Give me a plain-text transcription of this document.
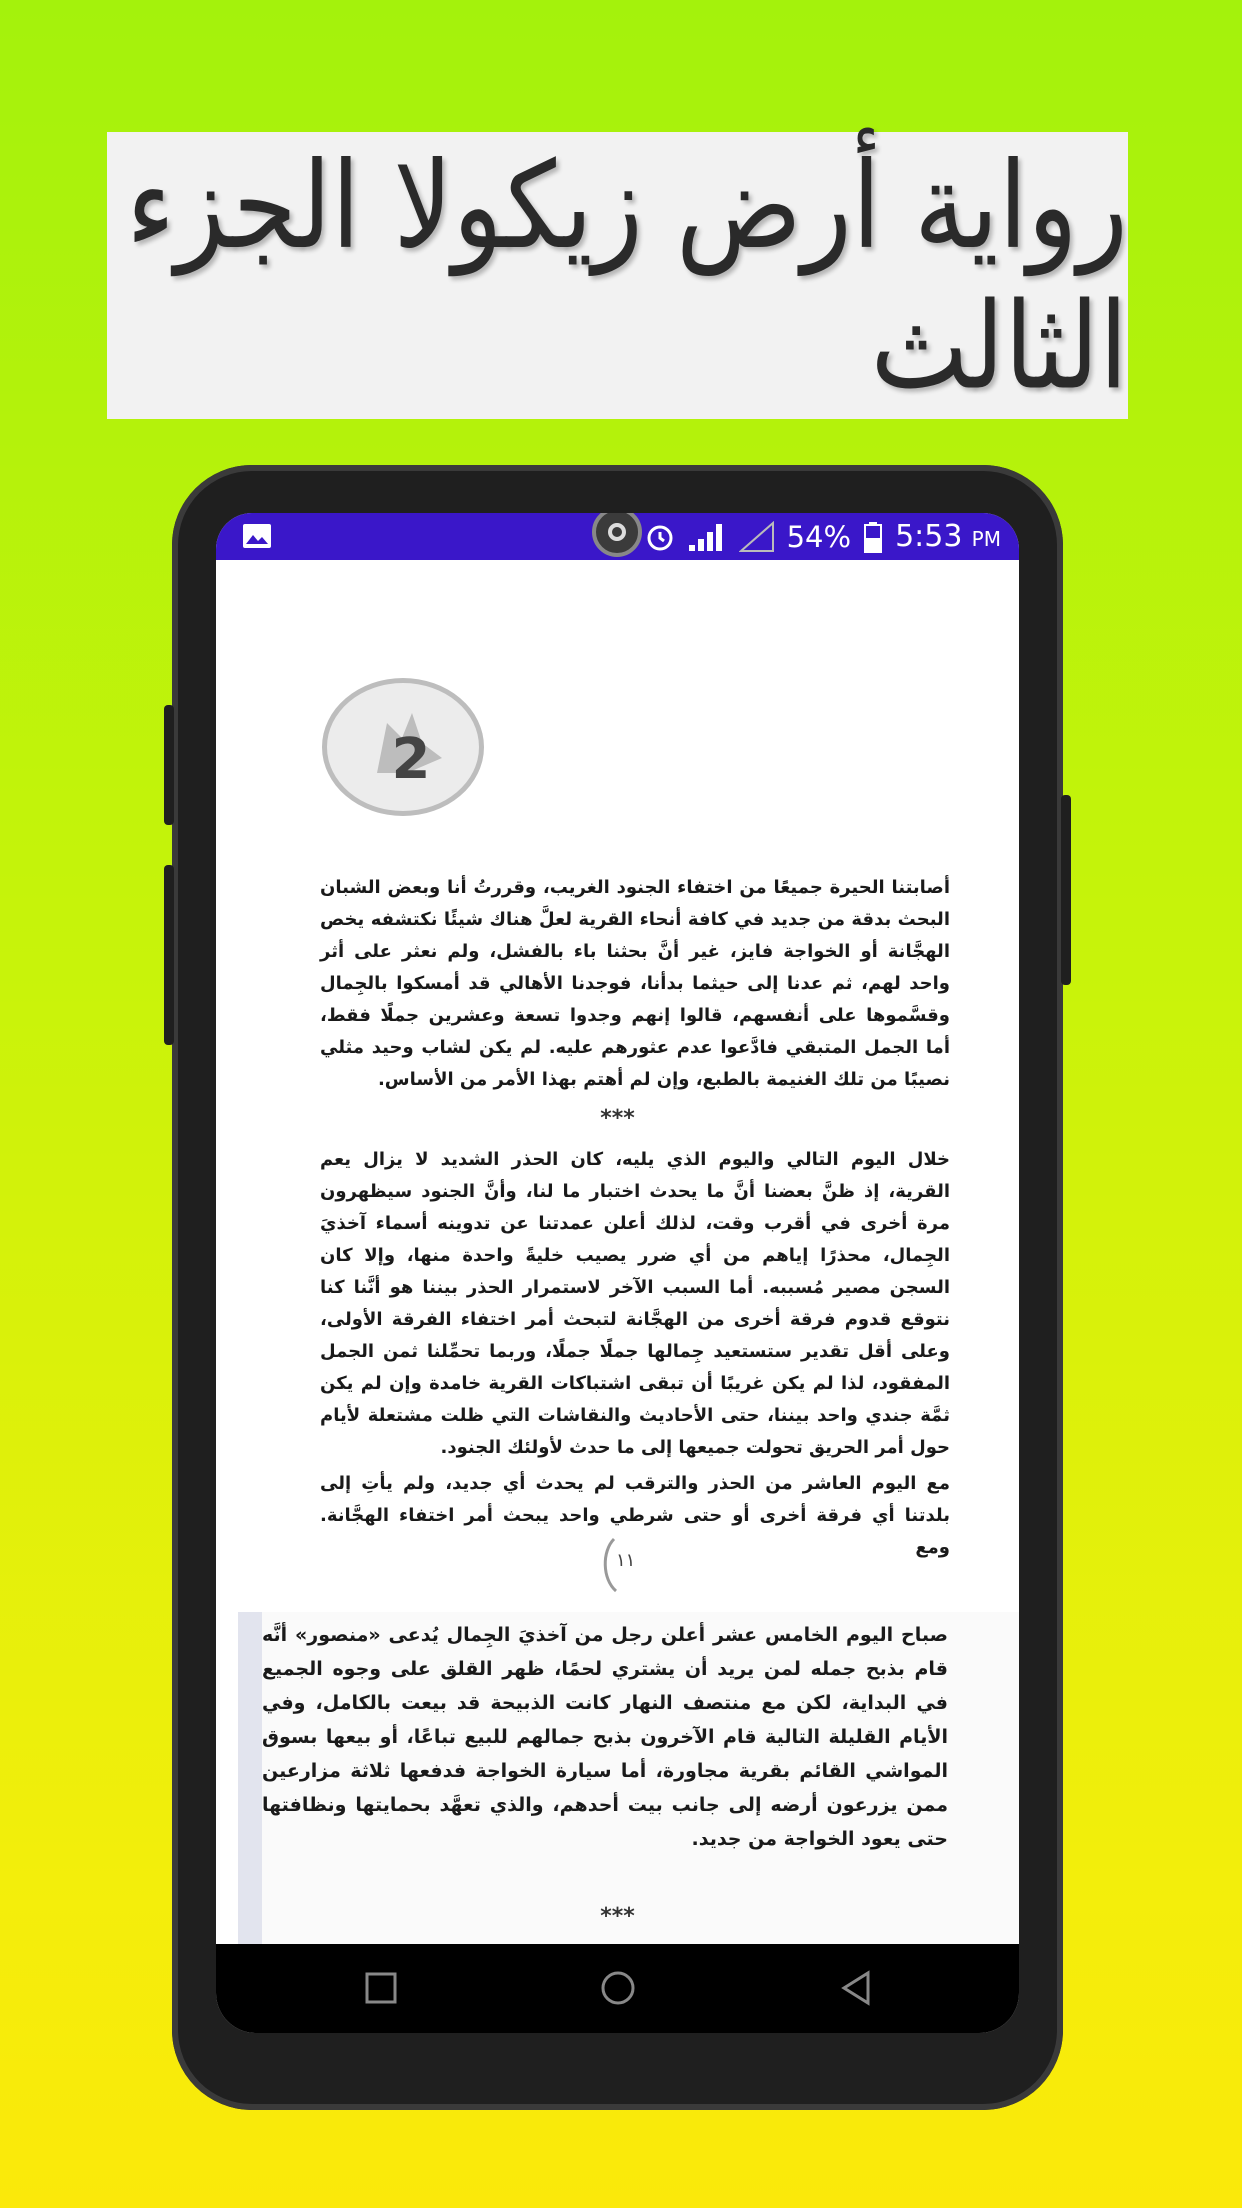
رواية أرض زيكولا الجزء الثالث
54% 5:53 PM
2
أصابتنا الحيرة جميعًا من اختفاء الجنود الغريب، وقررتُ أنا وبعض الشبان البحث بدقة من جديد في كافة أنحاء القرية لعلَّ هناك شيئًا نكتشفه يخص الهجَّانة أو الخواجة فايز، غير أنَّ بحثنا باء بالفشل، ولم نعثر على أثر واحد لهم، ثم عدنا إلى حيثما بدأنا، فوجدنا الأهالي قد أمسكوا بالجِمال وقسَّموها على أنفسهم، قالوا إنهم وجدوا تسعة وعشرين جملًا فقط، أما الجمل المتبقي فادَّعوا عدم عثورهم عليه. لم يكن لشاب وحيد مثلي نصيبًا من تلك الغنيمة بالطبع، وإن لم أهتم بهذا الأمر من الأساس.
***
خلال اليوم التالي واليوم الذي يليه، كان الحذر الشديد لا يزال يعم القرية، إذ ظنَّ بعضنا أنَّ ما يحدث اختبار ما لنا، وأنَّ الجنود سيظهرون مرة أخرى في أقرب وقت، لذلك أعلن عمدتنا عن تدوينه أسماء آخذيَ الجِمال، محذرًا إياهم من أي ضرر يصيب خليةً واحدة منها، وإلا كان السجن مصير مُسببه. أما السبب الآخر لاستمرار الحذر بيننا هو أنَّنا كنا نتوقع قدوم فرقة أخرى من الهجَّانة لتبحث أمر اختفاء الفرقة الأولى، وعلى أقل تقدير ستستعيد جِمالها جملًا جملًا، وربما تحمِّلنا ثمن الجمل المفقود، لذا لم يكن غريبًا أن تبقى اشتباكات القرية خامدة وإن لم يكن ثمَّة جندي واحد بيننا، حتى الأحاديث والنقاشات التي ظلت مشتعلة لأيام حول أمر الحريق تحولت جميعها إلى ما حدث لأولئك الجنود.
مع اليوم العاشر من الحذر والترقب لم يحدث أي جديد، ولم يأتِ إلى بلدتنا أي فرقة أخرى أو حتى شرطي واحد يبحث أمر اختفاء الهجَّانة. ومع
١١
صباح اليوم الخامس عشر أعلن رجل من آخذيَ الجِمال يُدعى «منصور» أنَّه قام بذبح جمله لمن يريد أن يشتري لحمًا، ظهر القلق على وجوه الجميع في البداية، لكن مع منتصف النهار كانت الذبيحة قد بيعت بالكامل، وفي الأيام القليلة التالية قام الآخرون بذبح جمالهم للبيع تباعًا، أو بيعها بسوق المواشي القائم بقرية مجاورة، أما سيارة الخواجة فدفعها ثلاثة مزارعين ممن يزرعون أرضه إلى جانب بيت أحدهم، والذي تعهَّد بحمايتها ونظافتها حتى يعود الخواجة من جديد.
***
